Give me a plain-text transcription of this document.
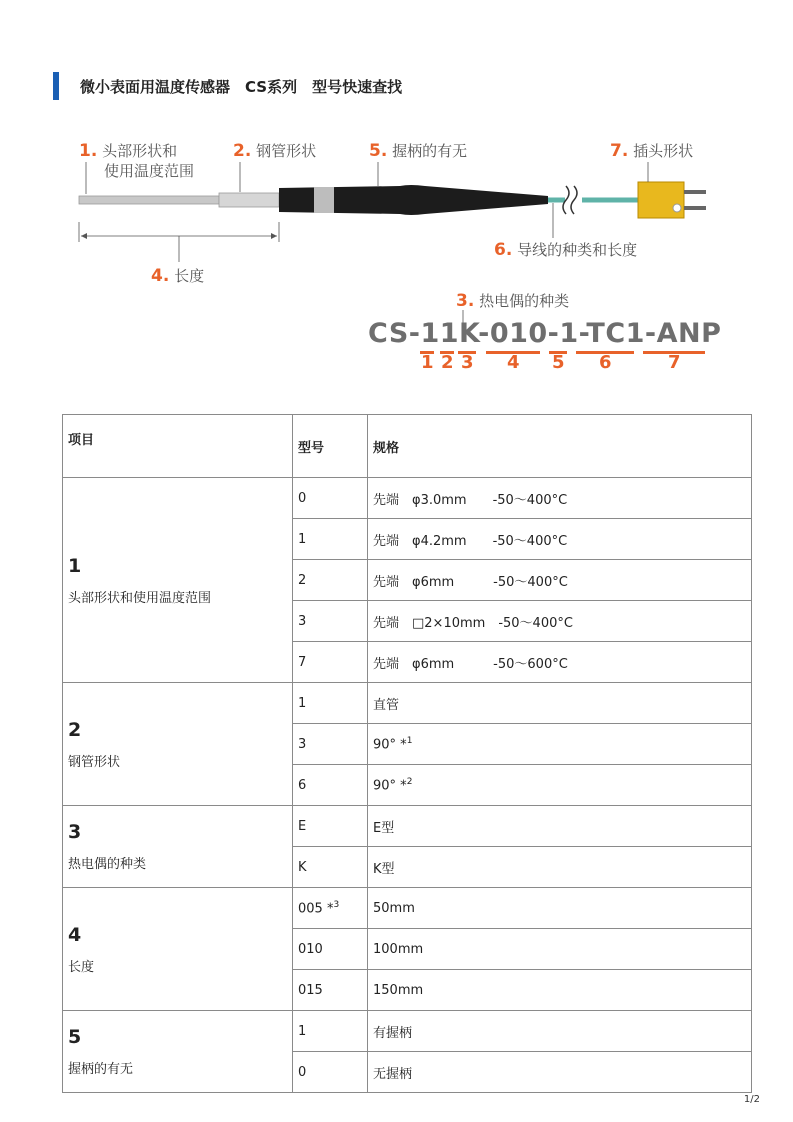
微小表面用温度传感器　CS系列　型号快速查找
1. 头部形状和
使用温度范围
2. 钢管形状	5. 握柄的有无	7. 插头形状
6. 导线的种类和长度
4. 长度
3. 热电偶的种类
CS-11K-010-1-TC1-ANP
1 2 3 4 5 6	7
项目	型号	规格

1
头部形状和使用温度范围	0	先端　φ3.0mm　　-50～400°C
	1	先端　φ4.2mm　　-50～400°C
	2	先端　φ6mm　　　-50～400°C
	3	先端　□2×10mm　-50～400°C
	7	先端　φ6mm　　　-50～600°C

2
钢管形状	1	直管
	3	90° *$^1$
	6	90° *$^2$

3
热电偶的种类	E	E型
	K	K型

4
长度	005 *$^3$	50mm
	010	100mm
	015	150mm

5
握柄的有无	1	有握柄
	0	无握柄
1/2
